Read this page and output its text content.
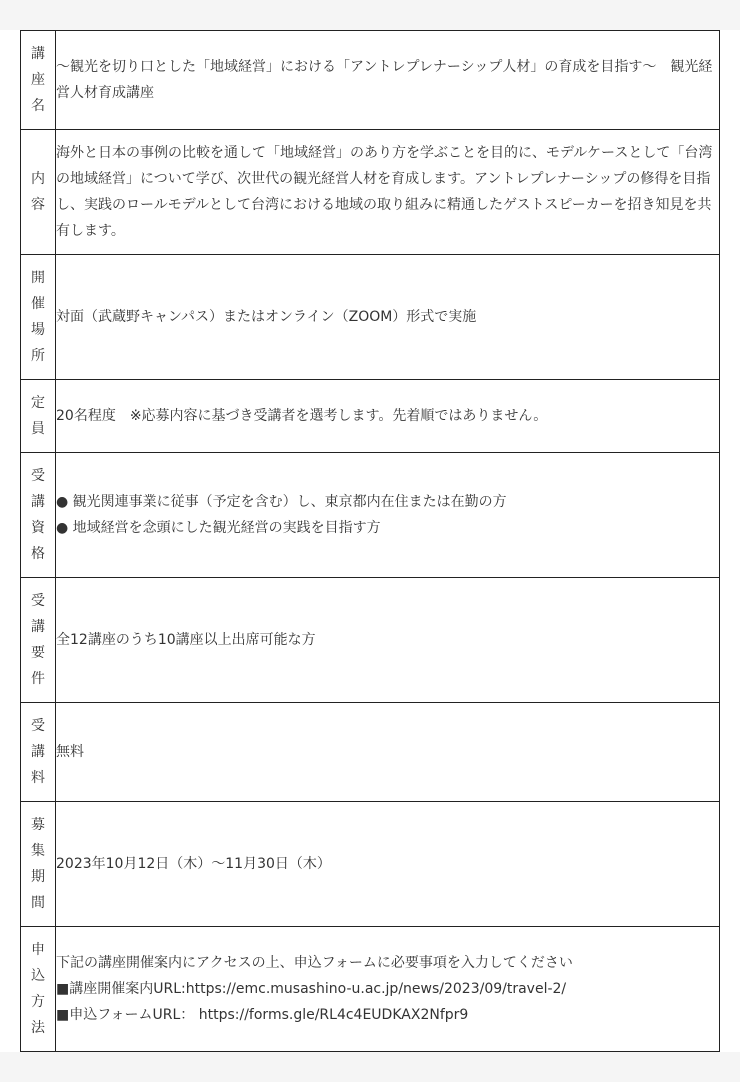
講
座
名	〜観光を切り口とした「地域経営」における「アントレプレナーシップ人材」の育成を目指す〜　観光経営人材育成講座

内
容	海外と日本の事例の比較を通して「地域経営」のあり方を学ぶことを目的に、モデルケースとして「台湾の地域経営」について学び、次世代の観光経営人材を育成します。アントレプレナーシップの修得を目指し、実践のロールモデルとして台湾における地域の取り組みに精通したゲストスピーカーを招き知見を共有します。

開
催
場
所	対面（武蔵野キャンパス）またはオンライン（ZOOM）形式で実施

定
員	20名程度　※応募内容に基づき受講者を選考します。先着順ではありません。

受
講
資
格	● 観光関連事業に従事（予定を含む）し、東京都内在住または在勤の方
● 地域経営を念頭にした観光経営の実践を目指す方

受
講
要
件	全12講座のうち10講座以上出席可能な方

受
講
料	無料

募
集
期
間	2023年10月12日（木）〜11月30日（木）

申
込
方
法	下記の講座開催案内にアクセスの上、申込フォームに必要事項を入力してください
■講座開催案内URL:https://emc.musashino-u.ac.jp/news/2023/09/travel-2/
■申込フォームURL： https://forms.gle/RL4c4EUDKAX2Nfpr9
